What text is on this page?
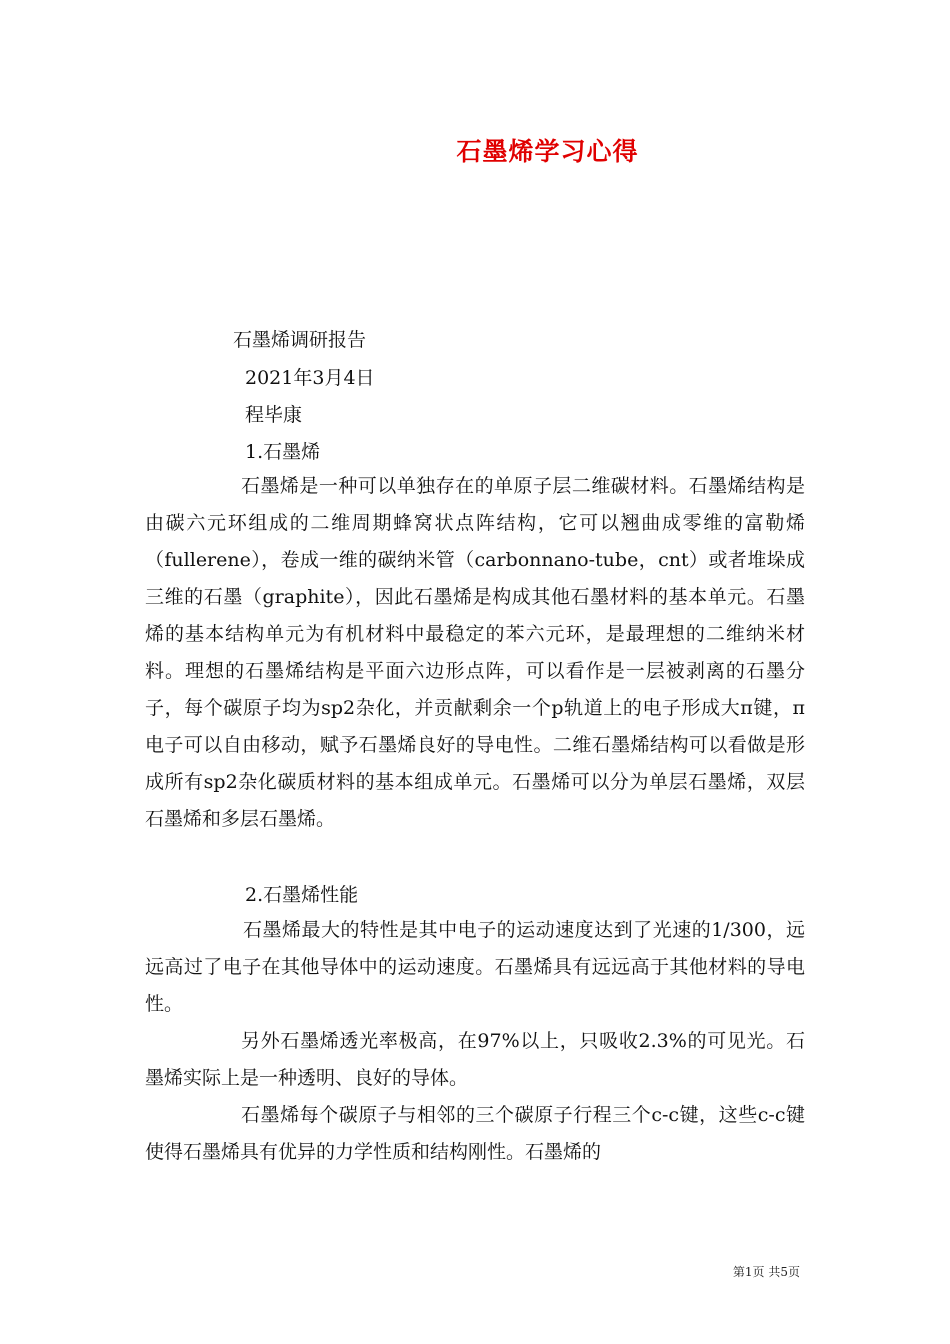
石墨烯学习心得
石墨烯调研报告
2021年3月4日
程毕康
1.石墨烯
石墨烯是一种可以单独存在的单原子层二维碳材料。石墨烯结构是由碳六元环组成的二维周期蜂窝状点阵结构，它可以翘曲成零维的富勒烯（fullerene），卷成一维的碳纳米管（carbonnano-tube，cnt）或者堆垛成三维的石墨（graphite），因此石墨烯是构成其他石墨材料的基本单元。石墨烯的基本结构单元为有机材料中最稳定的苯六元环，是最理想的二维纳米材料。理想的石墨烯结构是平面六边形点阵，可以看作是一层被剥离的石墨分子，每个碳原子均为sp2杂化，并贡献剩余一个p轨道上的电子形成大π键，π电子可以自由移动，赋予石墨烯良好的导电性。二维石墨烯结构可以看做是形成所有sp2杂化碳质材料的基本组成单元。石墨烯可以分为单层石墨烯，双层石墨烯和多层石墨烯。
2.石墨烯性能
石墨烯最大的特性是其中电子的运动速度达到了光速的1/300，远远高过了电子在其他导体中的运动速度。石墨烯具有远远高于其他材料的导电性。
另外石墨烯透光率极高，在97%以上，只吸收2.3%的可见光。石墨烯实际上是一种透明、良好的导体。
石墨烯每个碳原子与相邻的三个碳原子行程三个c-c键，这些c-c键使得石墨烯具有优异的力学性质和结构刚性。石墨烯的
第1页 共5页
